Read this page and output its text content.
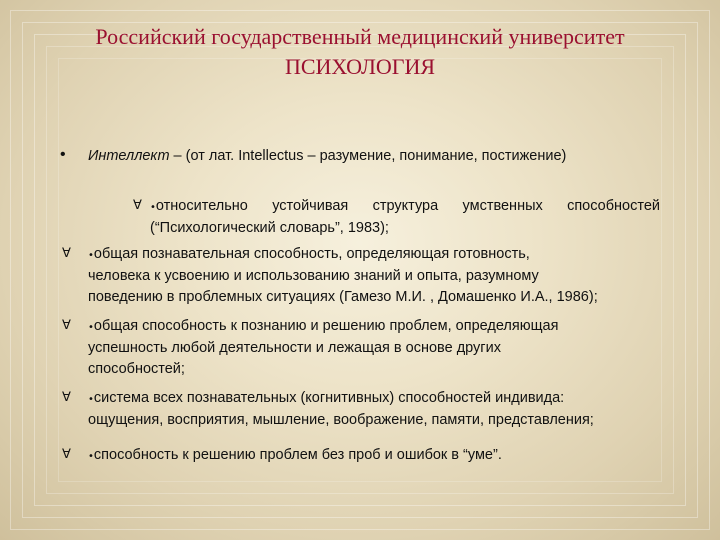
Российский государственный медицинский университет
ПСИХОЛОГИЯ
• Интеллект – (от лат. Intellectus – разумение, понимание, постижение)
∀ •относительно устойчивая структура умственных способностей (“Психологический словарь”, 1983);
∀ •общая познавательная способность, определяющая готовность,
человека к усвоению и использованию знаний и опыта, разумному
поведению в проблемных ситуациях (Гамезо М.И. , Домашенко И.А., 1986);
∀ •общая способность к познанию и решению проблем, определяющая
успешность любой деятельности и лежащая в основе других
способностей;
∀ •система всех познавательных (когнитивных) способностей индивида:
ощущения, восприятия, мышление, воображение, памяти, представления;
∀ •способность к решению проблем без проб и ошибок в “уме”.
